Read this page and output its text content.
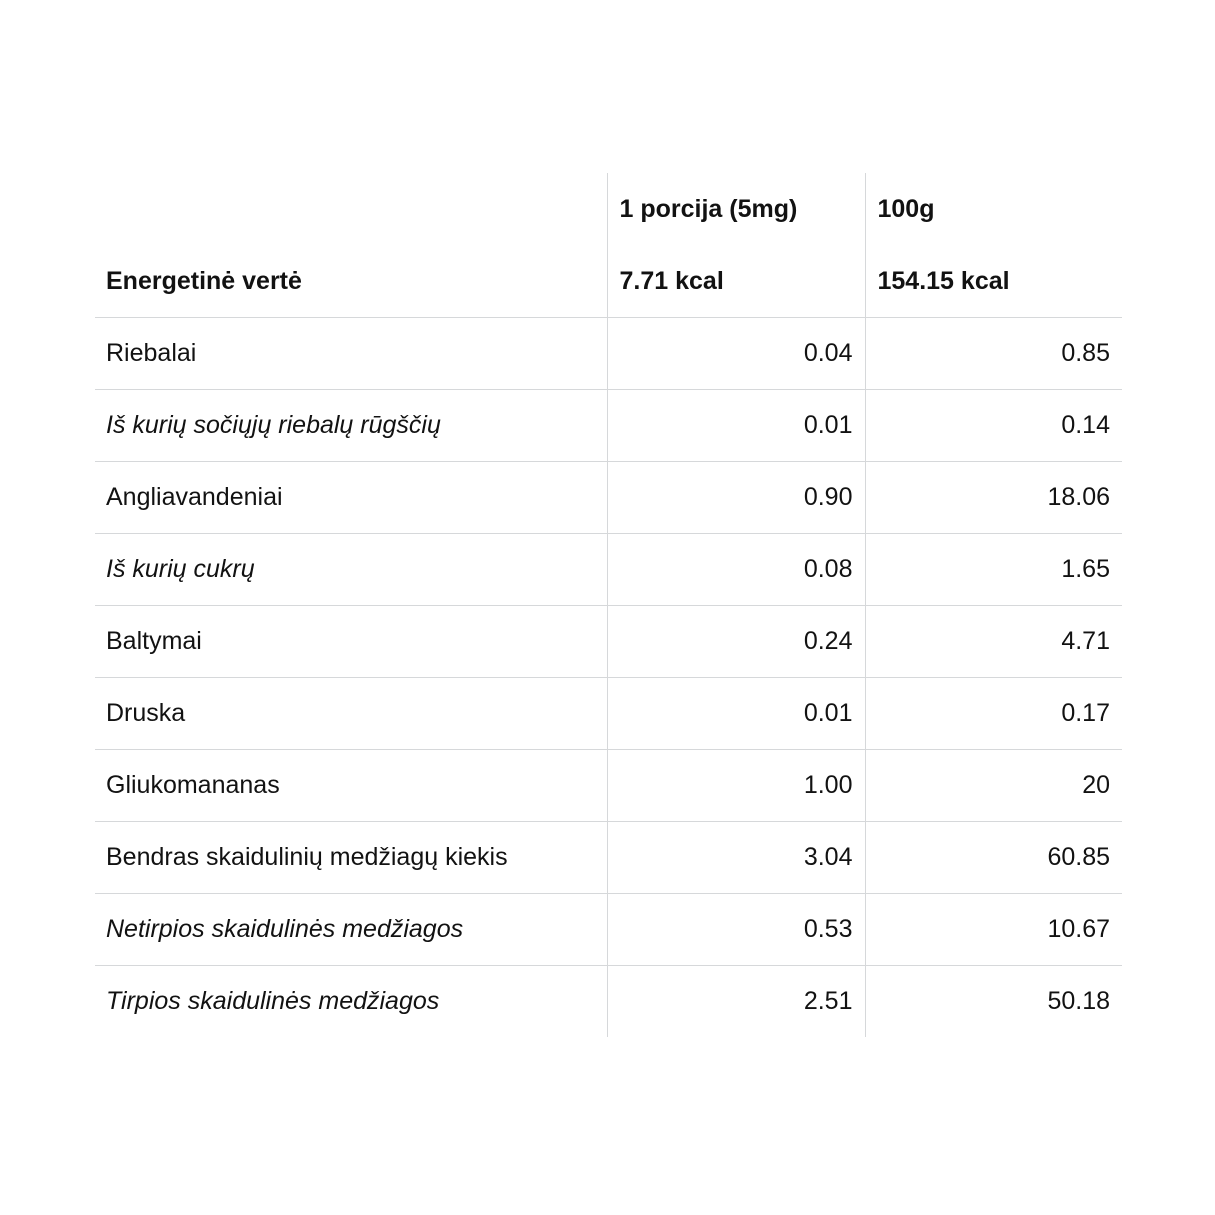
	1 porcija (5mg)	100g
Energetinė vertė	7.71 kcal	154.15 kcal
Riebalai	0.04	0.85
Iš kurių sočiųjų riebalų rūgščių	0.01	0.14
Angliavandeniai	0.90	18.06
Iš kurių cukrų	0.08	1.65
Baltymai	0.24	4.71
Druska	0.01	0.17
Gliukomananas	1.00	20
Bendras skaidulinių medžiagų kiekis	3.04	60.85
Netirpios skaidulinės medžiagos	0.53	10.67
Tirpios skaidulinės medžiagos	2.51	50.18
